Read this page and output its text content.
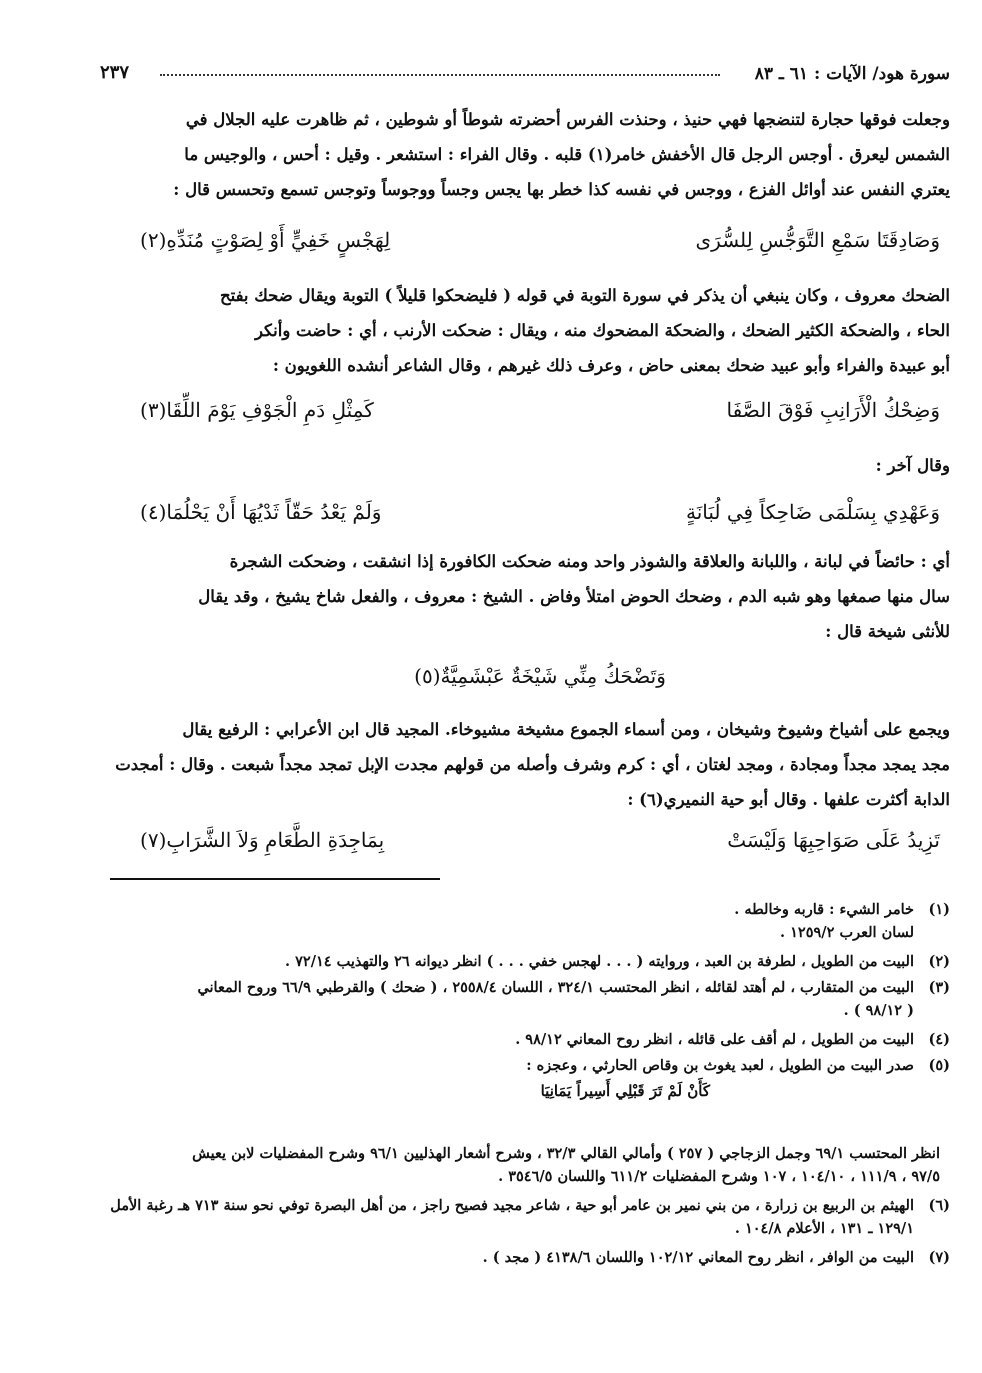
سورة هود/ الآيات : ٦١ ـ ٨٣
٢٣٧
وجعلت فوقها حجارة لتنضجها فهي حنيذ ، وحنذت الفرس أحضرته شوطاً أو شوطين ، ثم ظاهرت عليه الجلال في
الشمس ليعرق . أوجس الرجل قال الأخفش خامر(١) قلبه . وقال الفراء : استشعر . وقيل : أحس ، والوجيس ما
يعتري النفس عند أوائل الفزع ، ووجس في نفسه كذا خطر بها يجس وجساً ووجوساً وتوجس تسمع وتحسس قال :
وَصَادِقَتَا سَمْعِ التَّوَجُّسِ لِلسُّرَى
لِهَجْسٍ خَفِيٍّ أَوْ لِصَوْتٍ مُنَدِّهِ(٢)
الضحك معروف ، وكان ينبغي أن يذكر في سورة التوبة في قوله ( فليضحكوا قليلاً ) التوبة ويقال ضحك بفتح
الحاء ، والضحكة الكثير الضحك ، والضحكة المضحوك منه ، ويقال : ضحكت الأرنب ، أي : حاضت وأنكر
أبو عبيدة والفراء وأبو عبيد ضحك بمعنى حاض ، وعرف ذلك غيرهم ، وقال الشاعر أنشده اللغويون :
وَضِحْكُ الْأَرَانِبِ فَوْقَ الصَّفَا
كَمِثْلِ دَمِ الْجَوْفِ يَوْمَ اللِّقَا(٣)
وقال آخر :
وَعَهْدِي بِسَلْمَى ضَاحِكاً فِي لُبَانَةٍ
وَلَمْ يَعْدُ حَقّاً ثَدْيُهَا أَنْ يَحْلُمَا(٤)
أي : حائضاً في لبانة ، واللبانة والعلاقة والشوذر واحد ومنه ضحكت الكافورة إذا انشقت ، وضحكت الشجرة
سال منها صمغها وهو شبه الدم ، وضحك الحوض امتلأ وفاض . الشيخ : معروف ، والفعل شاخ يشيخ ، وقد يقال
للأنثى شيخة قال :
وَتَضْحَكُ مِنِّي شَيْخَةٌ عَبْشَمِيَّةٌ(٥)
ويجمع على أشياخ وشيوخ وشيخان ، ومن أسماء الجموع مشيخة مشيوخاء. المجيد قال ابن الأعرابي : الرفيع يقال
مجد يمجد مجداً ومجادة ، ومجد لغتان ، أي : كرم وشرف وأصله من قولهم مجدت الإبل تمجد مجداً شبعت . وقال : أمجدت
الدابة أكثرت علفها . وقال أبو حية النميري(٦) :
تَزِيدُ عَلَى صَوَاحِبِهَا وَلَيْسَتْ
بِمَاجِدَةِ الطَّعَامِ وَلاَ الشَّرَابِ(٧)
(١)
خامر الشيء : قاربه وخالطه .
لسان العرب ١٢٥٩/٢ .
(٢)
البيت من الطويل ، لطرفة بن العبد ، وروايته ( . . . لهجس خفي . . . ) انظر ديوانه ٢٦ والتهذيب ٧٢/١٤ .
(٣)
البيت من المتقارب ، لم أهتد لقائله ، انظر المحتسب ٣٢٤/١ ، اللسان ٢٥٥٨/٤ ، ( ضحك ) والقرطبي ٦٦/٩ وروح المعاني
( ٩٨/١٢ ) .
(٤)
البيت من الطويل ، لم أقف على قائله ، انظر روح المعاني ٩٨/١٢ .
(٥)
صدر البيت من الطويل ، لعبد يغوث بن وقاص الحارثي ، وعجزه :
كَأَنْ لَمْ تَرَ قَبْلِي أَسِيراً يَمَانِيَا
انظر المحتسب ٦٩/١ وجمل الزجاجي ( ٢٥٧ ) وأمالي القالي ٣٢/٣ ، وشرح أشعار الهذليين ٩٦/١ وشرح المفضليات لابن يعيش
٩٧/٥ ، ١١١/٩ ، ١٠٤/١٠ ، ١٠٧ وشرح المفضليات ٦١١/٢ واللسان ٣٥٤٦/٥ .
(٦)
الهيثم بن الربيع بن زرارة ، من بني نمير بن عامر أبو حية ، شاعر مجيد فصيح راجز ، من أهل البصرة توفي نحو سنة ٧١٣ هـ رغبة الأمل
١٢٩/١ ـ ١٣١ ، الأعلام ١٠٤/٨ .
(٧)
البيت من الوافر ، انظر روح المعاني ١٠٢/١٢ واللسان ٤١٣٨/٦ ( مجد ) .
